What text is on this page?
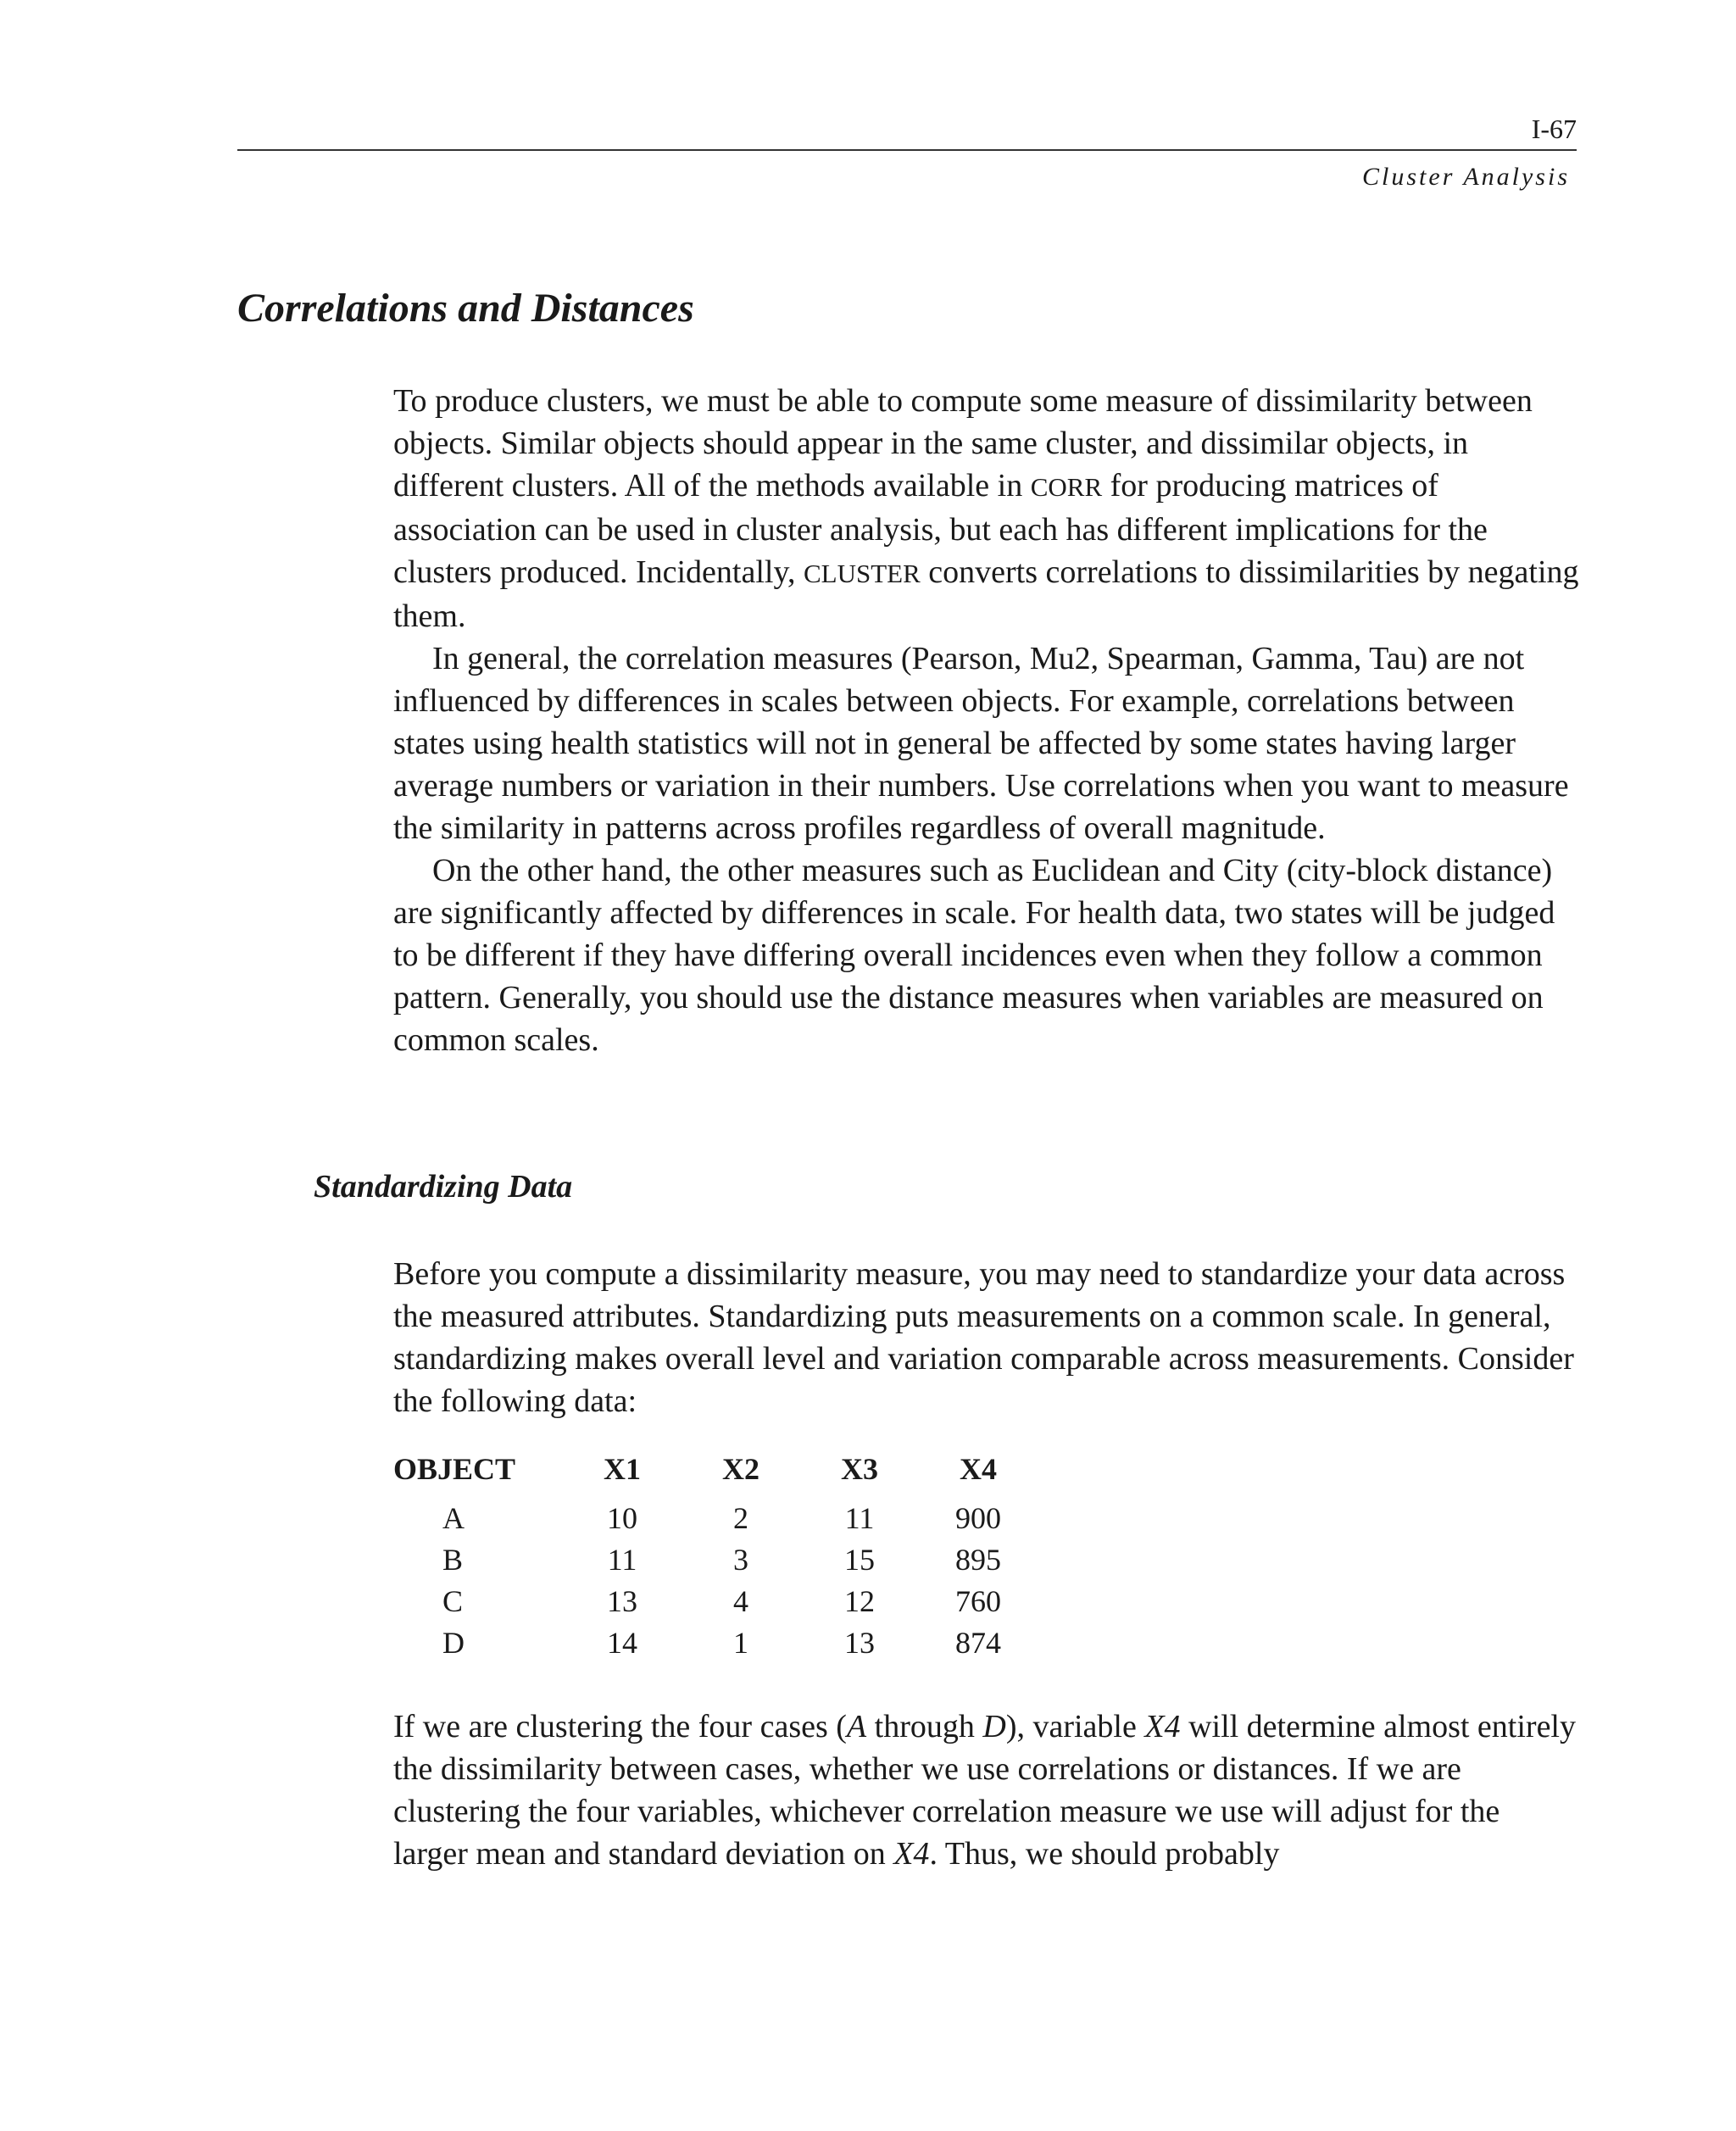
I-67
Cluster Analysis
Correlations and Distances

To produce clusters, we must be able to compute some measure of dissimilarity between objects. Similar objects should appear in the same cluster, and dissimilar objects, in different clusters. All of the methods available in CORR for producing matrices of association can be used in cluster analysis, but each has different implications for the clusters produced. Incidentally, CLUSTER converts correlations to dissimilarities by negating them.

In general, the correlation measures (Pearson, Mu2, Spearman, Gamma, Tau) are not influenced by differences in scales between objects. For example, correlations between states using health statistics will not in general be affected by some states having larger average numbers or variation in their numbers. Use correlations when you want to measure the similarity in patterns across profiles regardless of overall magnitude.

On the other hand, the other measures such as Euclidean and City (city-block distance) are significantly affected by differences in scale. For health data, two states will be judged to be different if they have differing overall incidences even when they follow a common pattern. Generally, you should use the distance measures when variables are measured on common scales.

Standardizing Data

Before you compute a dissimilarity measure, you may need to standardize your data across the measured attributes. Standardizing puts measurements on a common scale. In general, standardizing makes overall level and variation comparable across measurements. Consider the following data:

OBJECT	X1	X2	X3	X4
A	10	2	11	900
B	11	3	15	895
C	13	4	12	760
D	14	1	13	874

If we are clustering the four cases (A through D), variable X4 will determine almost entirely the dissimilarity between cases, whether we use correlations or distances. If we are clustering the four variables, whichever correlation measure we use will adjust for the larger mean and standard deviation on X4. Thus, we should probably
